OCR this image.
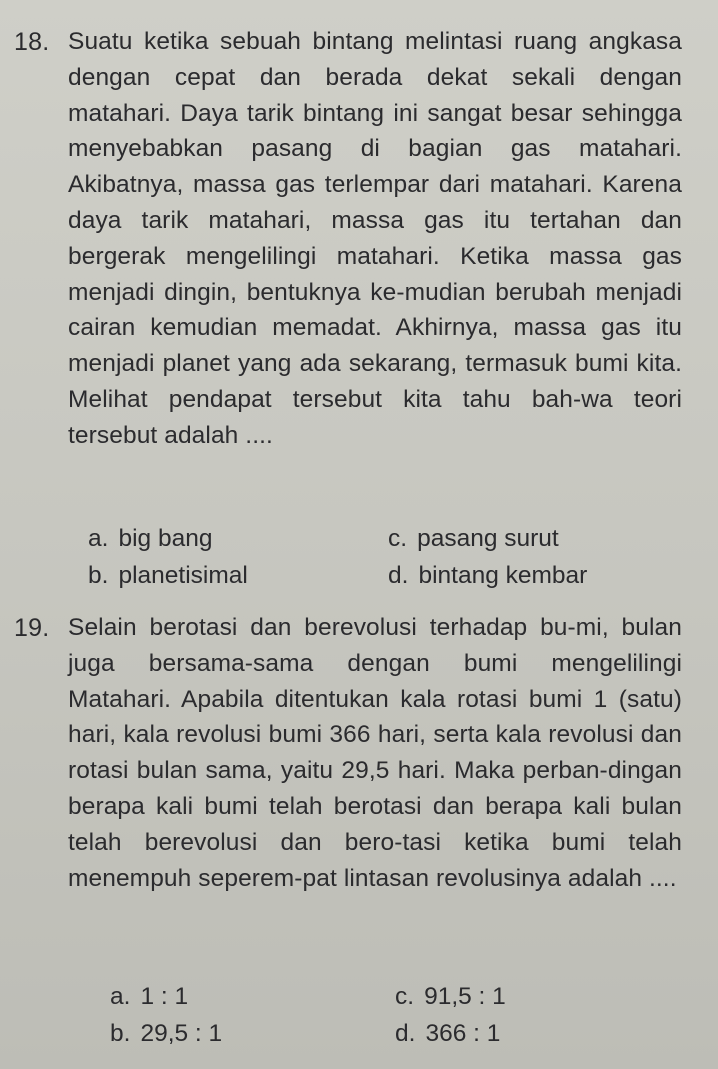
18. Suatu ketika sebuah bintang melintasi ruang angkasa dengan cepat dan berada dekat sekali dengan matahari. Daya tarik bintang ini sangat besar sehingga menyebabkan pasang di bagian gas matahari. Akibatnya, massa gas terlempar dari matahari. Karena daya tarik matahari, massa gas itu tertahan dan bergerak mengelilingi matahari. Ketika massa gas menjadi dingin, bentuknya ke-mudian berubah menjadi cairan kemudian memadat. Akhirnya, massa gas itu menjadi planet yang ada sekarang, termasuk bumi kita. Melihat pendapat tersebut kita tahu bah-wa teori tersebut adalah ....

a. big bang
b. planetisimal
c. pasang surut
d. bintang kembar
19. Selain berotasi dan berevolusi terhadap bu-mi, bulan juga bersama-sama dengan bumi mengelilingi Matahari. Apabila ditentukan kala rotasi bumi 1 (satu) hari, kala revolusi bumi 366 hari, serta kala revolusi dan rotasi bulan sama, yaitu 29,5 hari. Maka perban-dingan berapa kali bumi telah berotasi dan berapa kali bulan telah berevolusi dan bero-tasi ketika bumi telah menempuh seperem-pat lintasan revolusinya adalah ....

a. 1 : 1
b. 29,5 : 1
c. 91,5 : 1
d. 366 : 1
